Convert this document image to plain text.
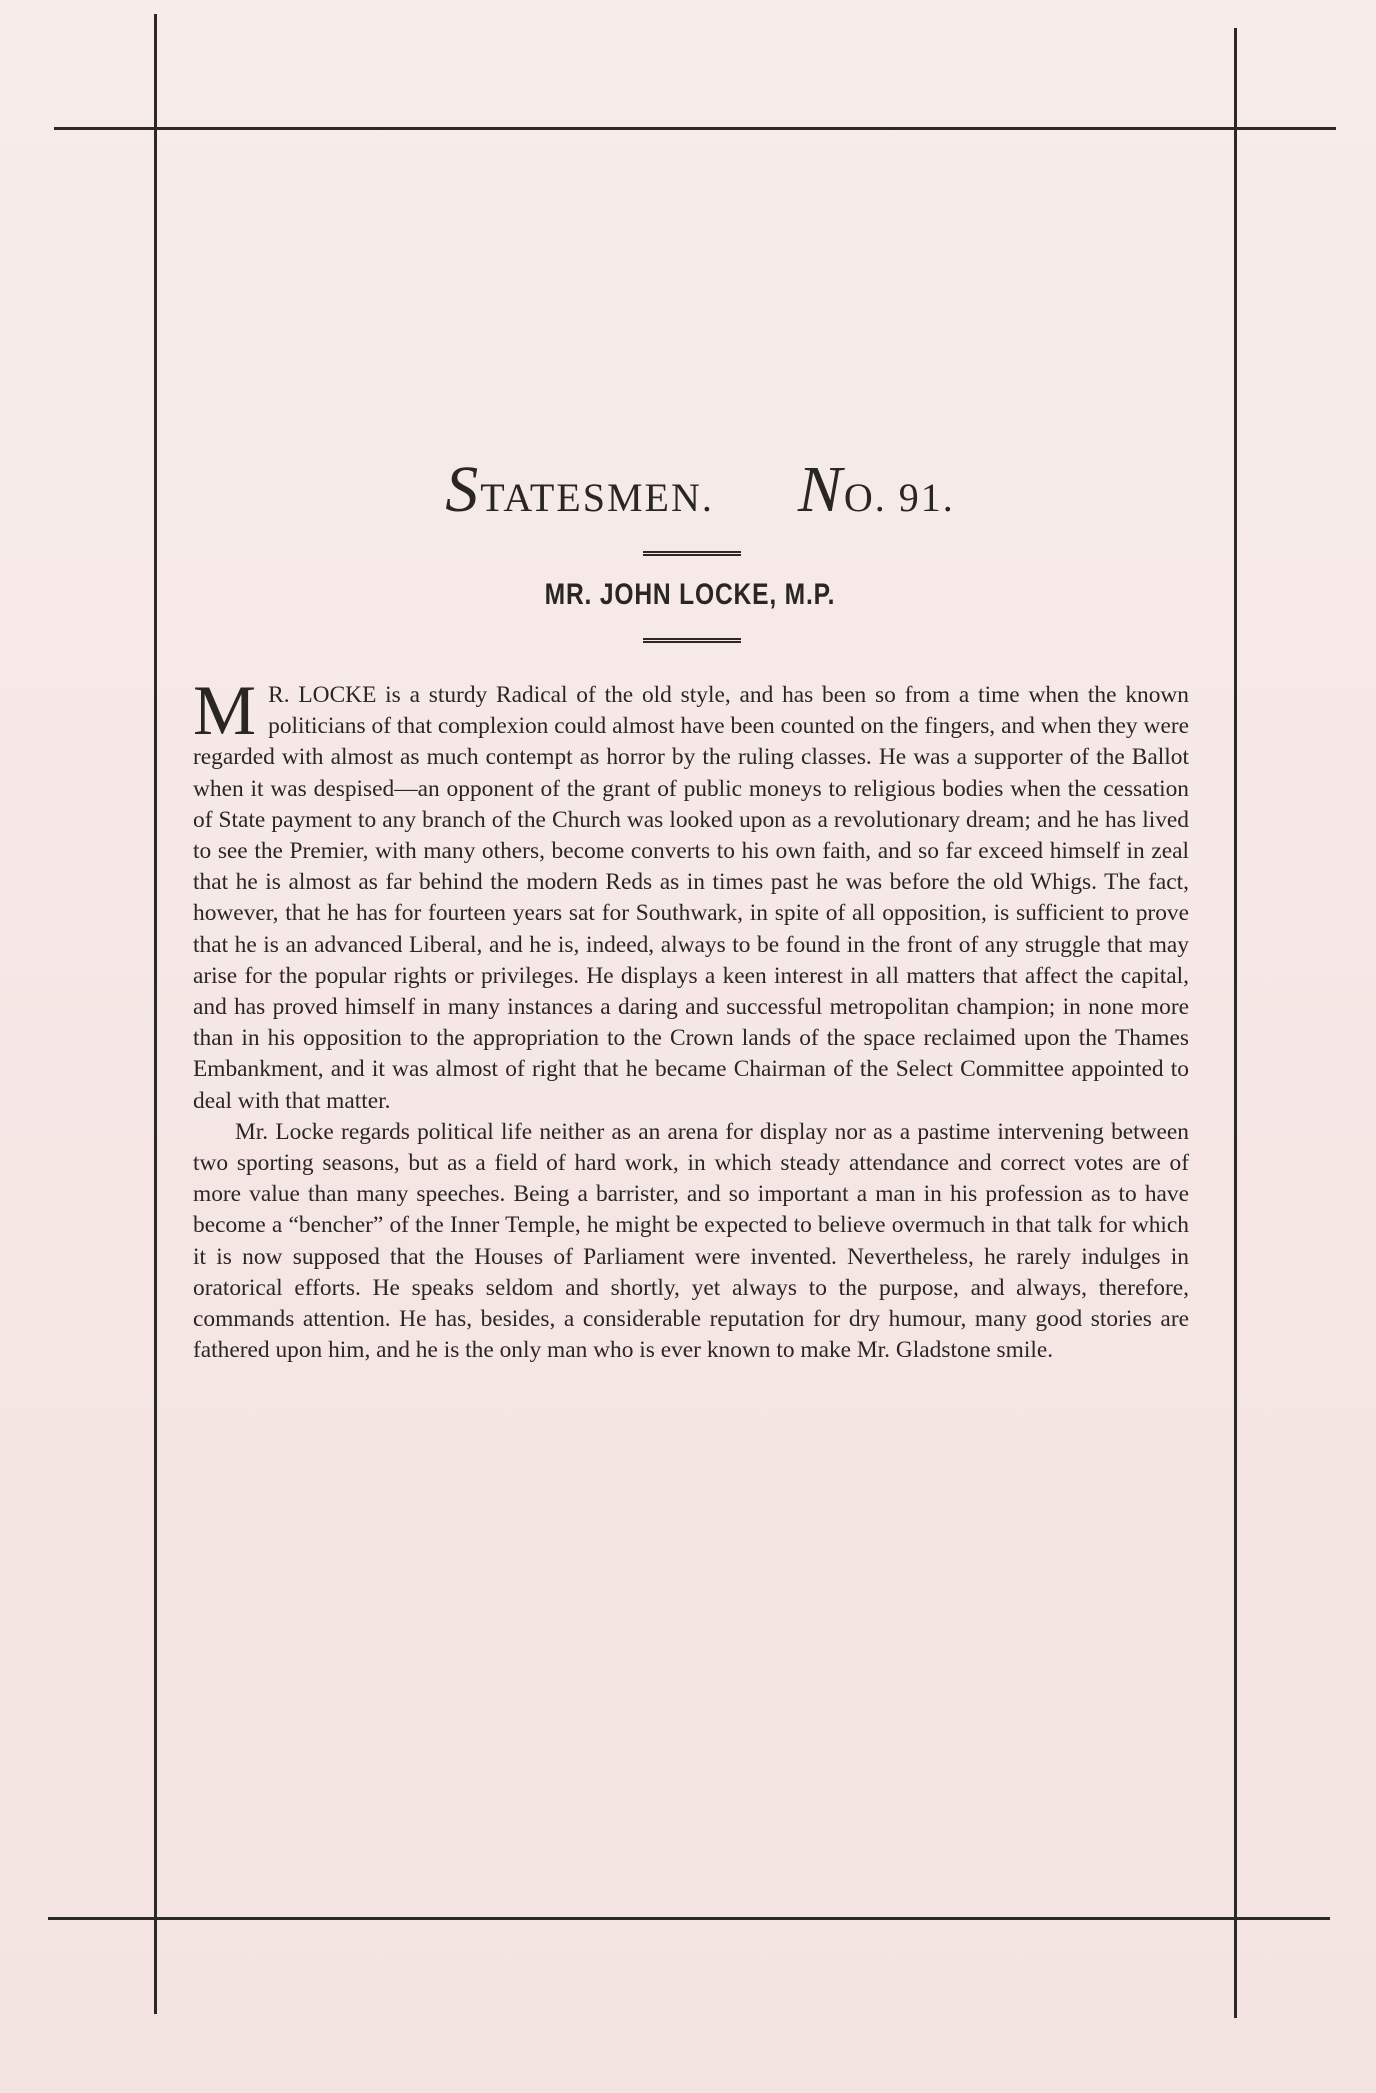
STATESMEN. NO. 91.
MR. JOHN LOCKE, M.P.

M R. LOCKE is a sturdy Radical of the old style, and has been so from a time when the known politicians of that complexion could almost have been counted on the fingers, and when they were regarded with almost as much contempt as horror by the ruling classes. He was a supporter of the Ballot when it was despised—an opponent of the grant of public moneys to religious bodies when the cessation of State payment to any branch of the Church was looked upon as a revolutionary dream; and he has lived to see the Premier, with many others, become converts to his own faith, and so far exceed himself in zeal that he is almost as far behind the modern Reds as in times past he was before the old Whigs. The fact, however, that he has for fourteen years sat for Southwark, in spite of all opposition, is sufficient to prove that he is an advanced Liberal, and he is, indeed, always to be found in the front of any struggle that may arise for the popular rights or privileges. He displays a keen interest in all matters that affect the capital, and has proved himself in many instances a daring and successful metropolitan champion; in none more than in his opposition to the appropriation to the Crown lands of the space reclaimed upon the Thames Embankment, and it was almost of right that he became Chairman of the Select Committee appointed to deal with that matter.

Mr. Locke regards political life neither as an arena for display nor as a pastime intervening between two sporting seasons, but as a field of hard work, in which steady attendance and correct votes are of more value than many speeches. Being a barrister, and so important a man in his profession as to have become a “bencher” of the Inner Temple, he might be expected to believe overmuch in that talk for which it is now supposed that the Houses of Parliament were invented. Nevertheless, he rarely indulges in oratorical efforts. He speaks seldom and shortly, yet always to the purpose, and always, therefore, commands attention. He has, besides, a considerable reputation for dry humour, many good stories are fathered upon him, and he is the only man who is ever known to make Mr. Gladstone smile.
